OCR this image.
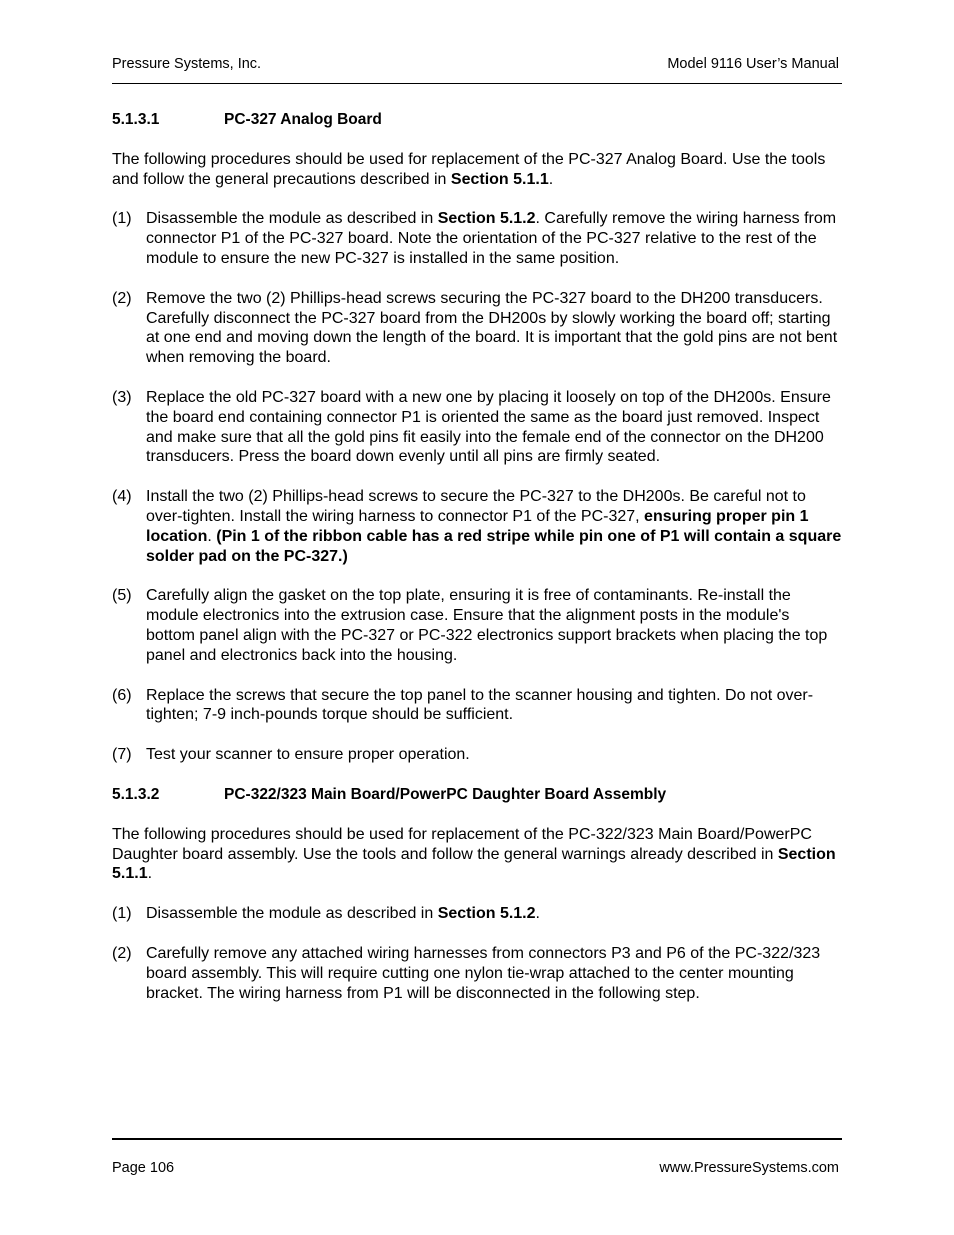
Pressure Systems, Inc.	Model 9116 User’s Manual
5.1.3.1	PC-327 Analog Board

The following procedures should be used for replacement of the PC-327 Analog Board. Use the tools and follow the general precautions described in Section 5.1.1.

(1) Disassemble the module as described in Section 5.1.2. Carefully remove the wiring harness from connector P1 of the PC-327 board. Note the orientation of the PC-327 relative to the rest of the module to ensure the new PC-327 is installed in the same position.
(2) Remove the two (2) Phillips-head screws securing the PC-327 board to the DH200 transducers. Carefully disconnect the PC-327 board from the DH200s by slowly working the board off; starting at one end and moving down the length of the board. It is important that the gold pins are not bent when removing the board.
(3) Replace the old PC-327 board with a new one by placing it loosely on top of the DH200s. Ensure the board end containing connector P1 is oriented the same as the board just removed. Inspect and make sure that all the gold pins fit easily into the female end of the connector on the DH200 transducers. Press the board down evenly until all pins are firmly seated.
(4) Install the two (2) Phillips-head screws to secure the PC-327 to the DH200s. Be careful not to over-tighten. Install the wiring harness to connector P1 of the PC-327, ensuring proper pin 1 location. (Pin 1 of the ribbon cable has a red stripe while pin one of P1 will contain a square solder pad on the PC-327.)
(5) Carefully align the gasket on the top plate, ensuring it is free of contaminants. Re-install the module electronics into the extrusion case. Ensure that the alignment posts in the module's bottom panel align with the PC-327 or PC-322 electronics support brackets when placing the top panel and electronics back into the housing.
(6) Replace the screws that secure the top panel to the scanner housing and tighten. Do not over- tighten; 7-9 inch-pounds torque should be sufficient.
(7) Test your scanner to ensure proper operation.
5.1.3.2	PC-322/323 Main Board/PowerPC Daughter Board Assembly

The following procedures should be used for replacement of the PC-322/323 Main Board/PowerPC Daughter board assembly. Use the tools and follow the general warnings already described in Section 5.1.1.

(1) Disassemble the module as described in Section 5.1.2.
(2) Carefully remove any attached wiring harnesses from connectors P3 and P6 of the PC-322/323 board assembly. This will require cutting one nylon tie-wrap attached to the center mounting bracket. The wiring harness from P1 will be disconnected in the following step.
Page 106	www.PressureSystems.com
